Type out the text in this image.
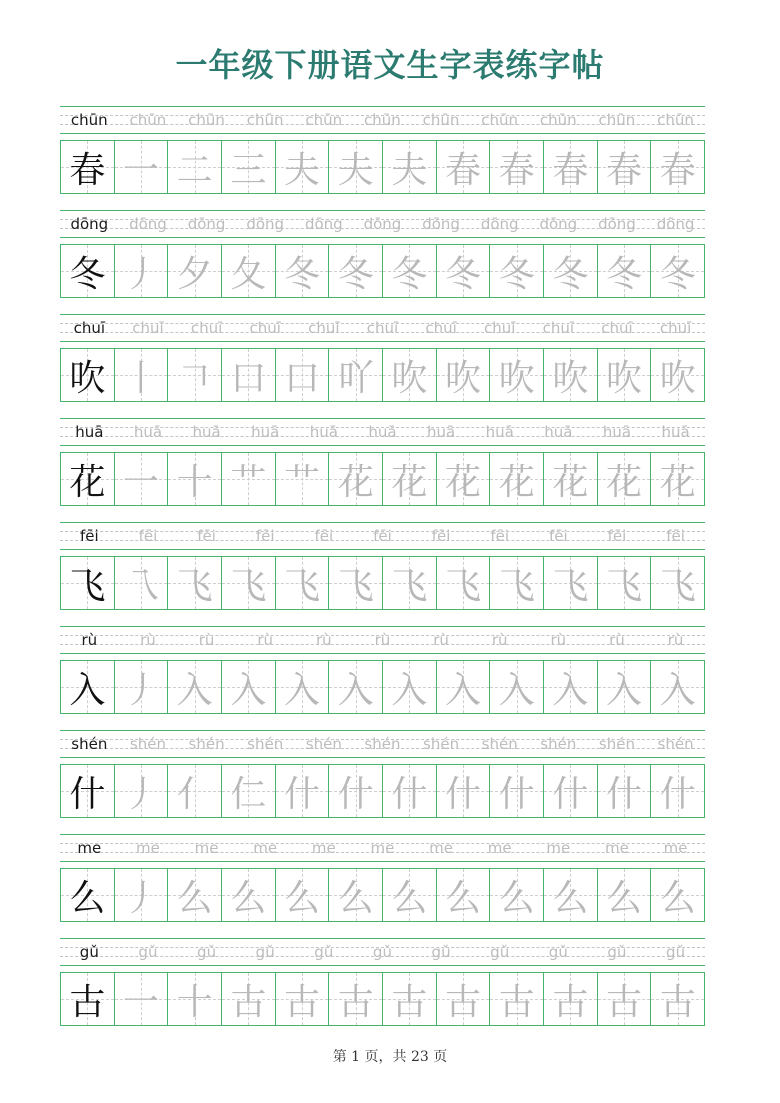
一年级下册语文生字表练字帖
chūn	chūn	chūn	chūn	chūn	chūn	chūn	chūn	chūn	chūn	chūn
春 一 二 三 夫 夫 夫 春 春 春 春 春
dōng	dōng	dōng	dōng	dōng	dōng	dōng	dōng	dōng	dōng	dōng
冬 丿 夕 夂 冬 冬 冬 冬 冬 冬 冬 冬
chuī	chuī	chuī	chuī	chuī	chuī	chuī	chuī	chuī	chuī	chuī
吹 丨 𠃍 口 口 吖 吹 吹 吹 吹 吹 吹
huā	huā	huā	huā	huā	huā	huā	huā	huā	huā	huā
花 一 十 艹 艹 花 花 花 花 花 花 花
fēi	fēi	fēi	fēi	fēi	fēi	fēi	fēi	fēi	fēi	fēi
飞 乁 飞 飞 飞 飞 飞 飞 飞 飞 飞 飞
rù	rù	rù	rù	rù	rù	rù	rù	rù	rù	rù
入 丿 入 入 入 入 入 入 入 入 入 入
shén	shén	shén	shén	shén	shén	shén	shén	shén	shén	shén
什 丿 亻 仁 什 什 什 什 什 什 什 什
me	me	me	me	me	me	me	me	me	me	me
么 丿 么 么 么 么 么 么 么 么 么 么
gǔ	gǔ	gǔ	gǔ	gǔ	gǔ	gǔ	gǔ	gǔ	gǔ	gǔ
古 一 十 古 古 古 古 古 古 古 古 古
第 1 页，共 23 页
